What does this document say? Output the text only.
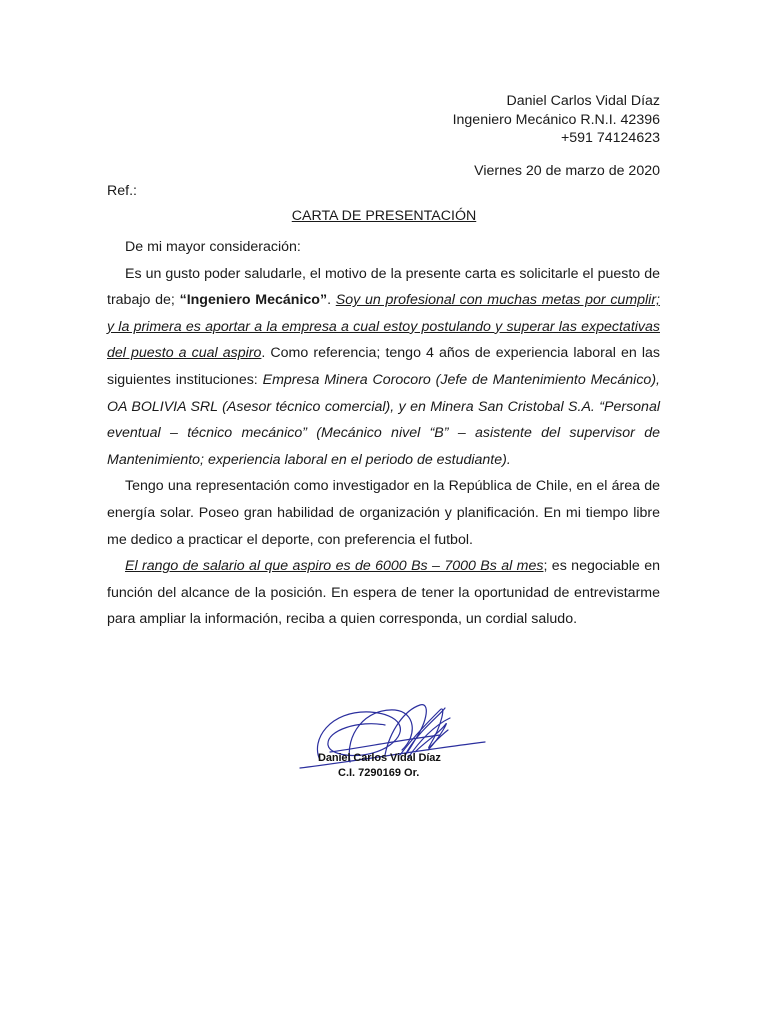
Daniel Carlos Vidal Díaz
Ingeniero Mecánico R.N.I. 42396
+591 74124623
Viernes 20 de marzo de 2020
Ref.:
CARTA DE PRESENTACIÓN

De mi mayor consideración:

Es un gusto poder saludarle, el motivo de la presente carta es solicitarle el puesto de trabajo de; “Ingeniero Mecánico”. Soy un profesional con muchas metas por cumplir; y la primera es aportar a la empresa a cual estoy postulando y superar las expectativas del puesto a cual aspiro. Como referencia; tengo 4 años de experiencia laboral en las siguientes instituciones: Empresa Minera Corocoro (Jefe de Mantenimiento Mecánico), OA BOLIVIA SRL (Asesor técnico comercial), y en Minera San Cristobal S.A. “Personal eventual – técnico mecánico” (Mecánico nivel “B” – asistente del supervisor de Mantenimiento; experiencia laboral en el periodo de estudiante).

Tengo una representación como investigador en la República de Chile, en el área de energía solar. Poseo gran habilidad de organización y planificación. En mi tiempo libre me dedico a practicar el deporte, con preferencia el futbol.

El rango de salario al que aspiro es de 6000 Bs – 7000 Bs al mes; es negociable en función del alcance de la posición. En espera de tener la oportunidad de entrevistarme para ampliar la información, reciba a quien corresponda, un cordial saludo.

Daniel Carlos Vidal Díaz
C.I. 7290169 Or.
